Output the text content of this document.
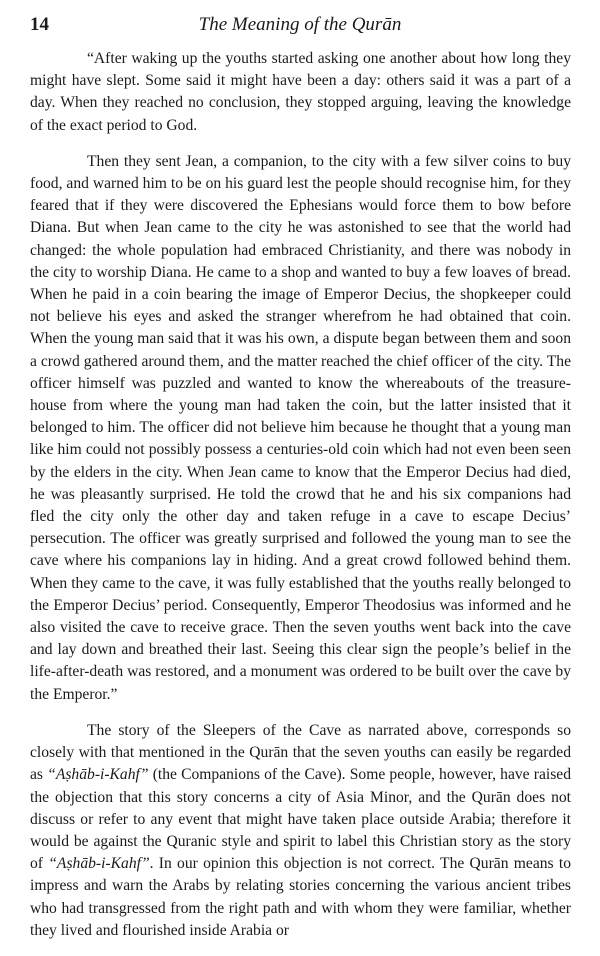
14	The Meaning of the Qurān

“After waking up the youths started asking one another about how long they might have slept. Some said it might have been a day: others said it was a part of a day. When they reached no conclusion, they stopped arguing, leaving the knowledge of the exact period to God.

Then they sent Jean, a companion, to the city with a few silver coins to buy food, and warned him to be on his guard lest the people should recognise him, for they feared that if they were discovered the Ephesians would force them to bow before Diana. But when Jean came to the city he was astonished to see that the world had changed: the whole population had embraced Christianity, and there was nobody in the city to worship Diana. He came to a shop and wanted to buy a few loaves of bread. When he paid in a coin bearing the image of Emperor Decius, the shopkeeper could not believe his eyes and asked the stranger wherefrom he had obtained that coin. When the young man said that it was his own, a dispute began between them and soon a crowd gathered around them, and the matter reached the chief officer of the city. The officer himself was puzzled and wanted to know the whereabouts of the treasure-house from where the young man had taken the coin, but the latter insisted that it belonged to him. The officer did not believe him because he thought that a young man like him could not possibly possess a centuries-old coin which had not even been seen by the elders in the city. When Jean came to know that the Emperor Decius had died, he was pleasantly surprised. He told the crowd that he and his six companions had fled the city only the other day and taken refuge in a cave to escape Decius’ persecution. The officer was greatly surprised and followed the young man to see the cave where his companions lay in hiding. And a great crowd followed behind them. When they came to the cave, it was fully established that the youths really belonged to the Emperor Decius’ period. Consequently, Emperor Theodosius was informed and he also visited the cave to receive grace. Then the seven youths went back into the cave and lay down and breathed their last. Seeing this clear sign the people’s belief in the life-after-death was restored, and a monument was ordered to be built over the cave by the Emperor.”

The story of the Sleepers of the Cave as narrated above, corresponds so closely with that mentioned in the Qurān that the seven youths can easily be regarded as “Aṣhāb-i-Kahf” (the Companions of the Cave). Some people, however, have raised the objection that this story concerns a city of Asia Minor, and the Qurān does not discuss or refer to any event that might have taken place outside Arabia; therefore it would be against the Quranic style and spirit to label this Christian story as the story of “Aṣhāb-i-Kahf”. In our opinion this objection is not correct. The Qurān means to impress and warn the Arabs by relating stories concerning the various ancient tribes who had transgressed from the right path and with whom they were familiar, whether they lived and flourished inside Arabia or
